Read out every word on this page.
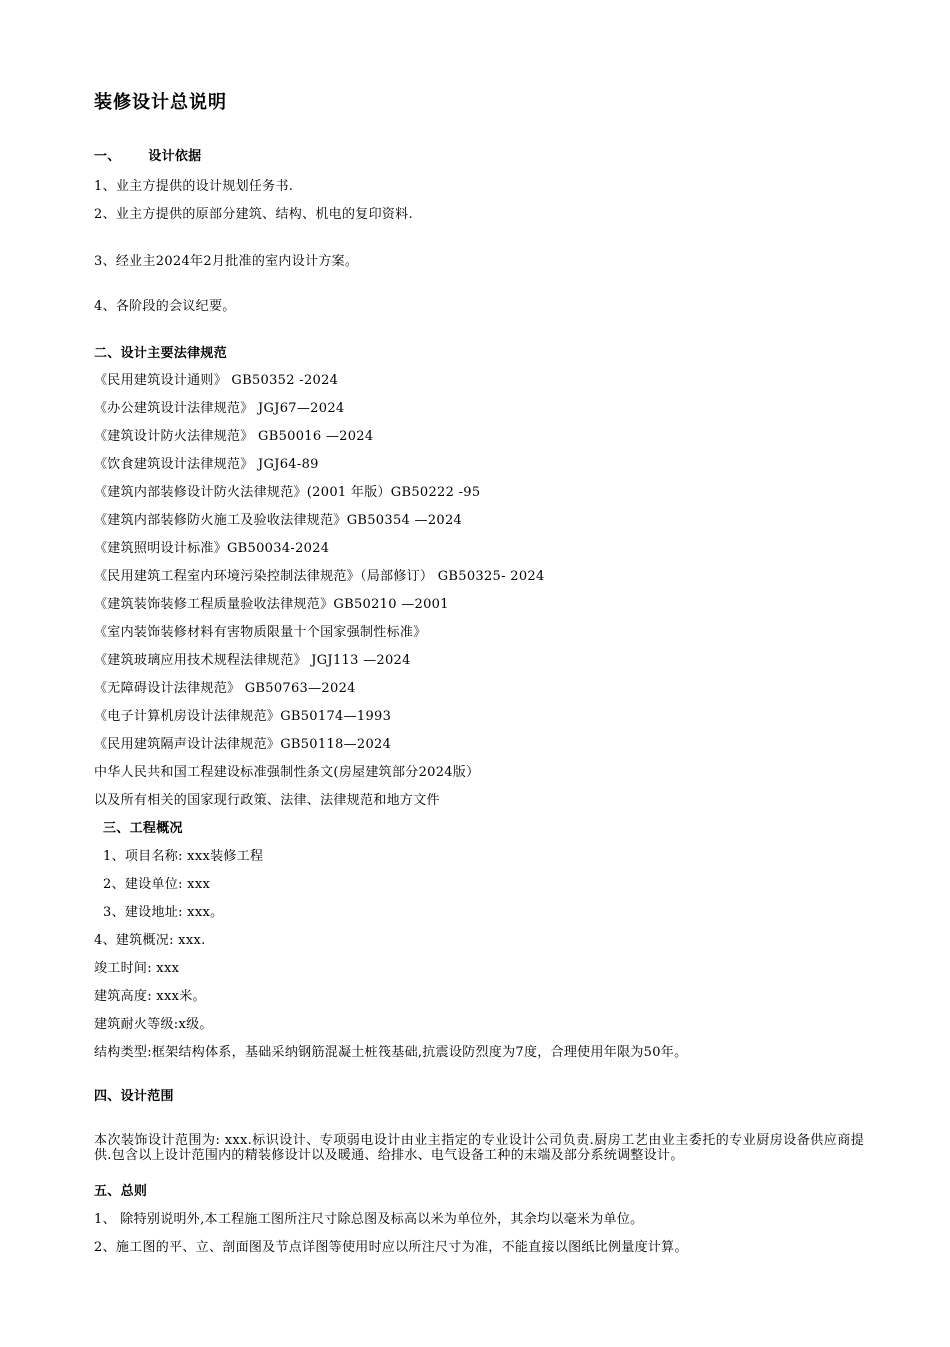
装修设计总说明
一、 设计依据
1、业主方提供的设计规划任务书.
2、业主方提供的原部分建筑、结构、机电的复印资料.
3、经业主2024年2月批准的室内设计方案。
4、各阶段的会议纪要。
二、设计主要法律规范
《民用建筑设计通则》 GB50352 -2024
《办公建筑设计法律规范》 JGJ67—2024
《建筑设计防火法律规范》 GB50016 —2024
《饮食建筑设计法律规范》 JGJ64-89
《建筑内部装修设计防火法律规范》(2001 年版）GB50222 -95
《建筑内部装修防火施工及验收法律规范》GB50354 —2024
《建筑照明设计标准》GB50034-2024
《民用建筑工程室内环境污染控制法律规范》（局部修订） GB50325- 2024
《建筑装饰装修工程质量验收法律规范》GB50210 —2001
《室内装饰装修材料有害物质限量十个国家强制性标准》
《建筑玻璃应用技术规程法律规范》 JGJ113 —2024
《无障碍设计法律规范》 GB50763—2024
《电子计算机房设计法律规范》GB50174—1993
《民用建筑隔声设计法律规范》GB50118—2024
中华人民共和国工程建设标准强制性条文(房屋建筑部分2024版）
以及所有相关的国家现行政策、法律、法律规范和地方文件
三、工程概况
1、项目名称: xxx装修工程
2、建设单位: xxx
3、建设地址: xxx。
4、建筑概况: xxx.
竣工时间: xxx
建筑高度: xxx米。
建筑耐火等级:x级。
结构类型:框架结构体系，基础采纳钢筋混凝土桩筏基础,抗震设防烈度为7度，合理使用年限为50年。
四、设计范围
本次装饰设计范围为: xxx.标识设计、专项弱电设计由业主指定的专业设计公司负责.厨房工艺由业主委托的专业厨房设备供应商提供.包含以上设计范围内的精装修设计以及暖通、给排水、电气设备工种的末端及部分系统调整设计。
五、总则
1、 除特别说明外,本工程施工图所注尺寸除总图及标高以米为单位外，其余均以毫米为单位。
2、施工图的平、立、剖面图及节点详图等使用时应以所注尺寸为准，不能直接以图纸比例量度计算。
